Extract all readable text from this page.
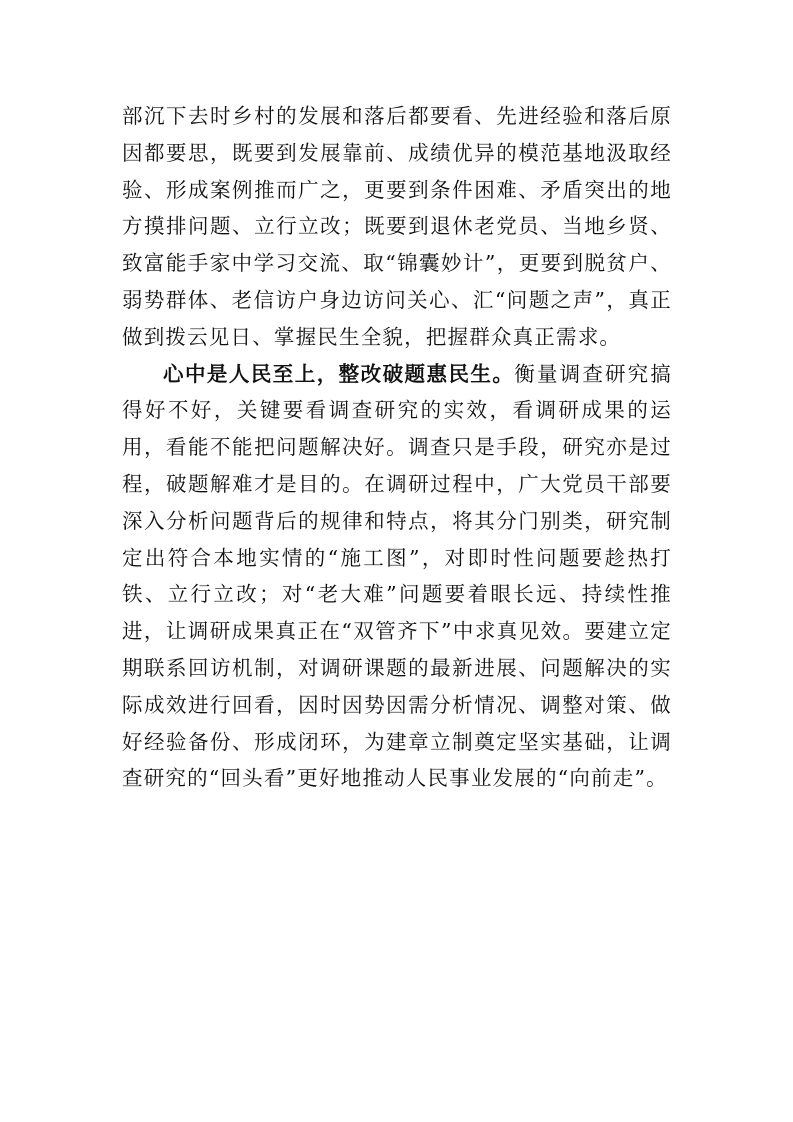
部沉下去时乡村的发展和落后都要看、先进经验和落后原因都要思，既要到发展靠前、成绩优异的模范基地汲取经验、形成案例推而广之，更要到条件困难、矛盾突出的地方摸排问题、立行立改；既要到退休老党员、当地乡贤、致富能手家中学习交流、取“锦囊妙计”，更要到脱贫户、弱势群体、老信访户身边访问关心、汇“问题之声”，真正做到拨云见日、掌握民生全貌，把握群众真正需求。

心中是人民至上，整改破题惠民生。衡量调查研究搞得好不好，关键要看调查研究的实效，看调研成果的运用，看能不能把问题解决好。调查只是手段，研究亦是过程，破题解难才是目的。在调研过程中，广大党员干部要深入分析问题背后的规律和特点，将其分门别类，研究制定出符合本地实情的“施工图”，对即时性问题要趁热打铁、立行立改；对“老大难”问题要着眼长远、持续性推进，让调研成果真正在“双管齐下”中求真见效。要建立定期联系回访机制，对调研课题的最新进展、问题解决的实际成效进行回看，因时因势因需分析情况、调整对策、做好经验备份、形成闭环，为建章立制奠定坚实基础，让调查研究的“回头看”更好地推动人民事业发展的“向前走”。
